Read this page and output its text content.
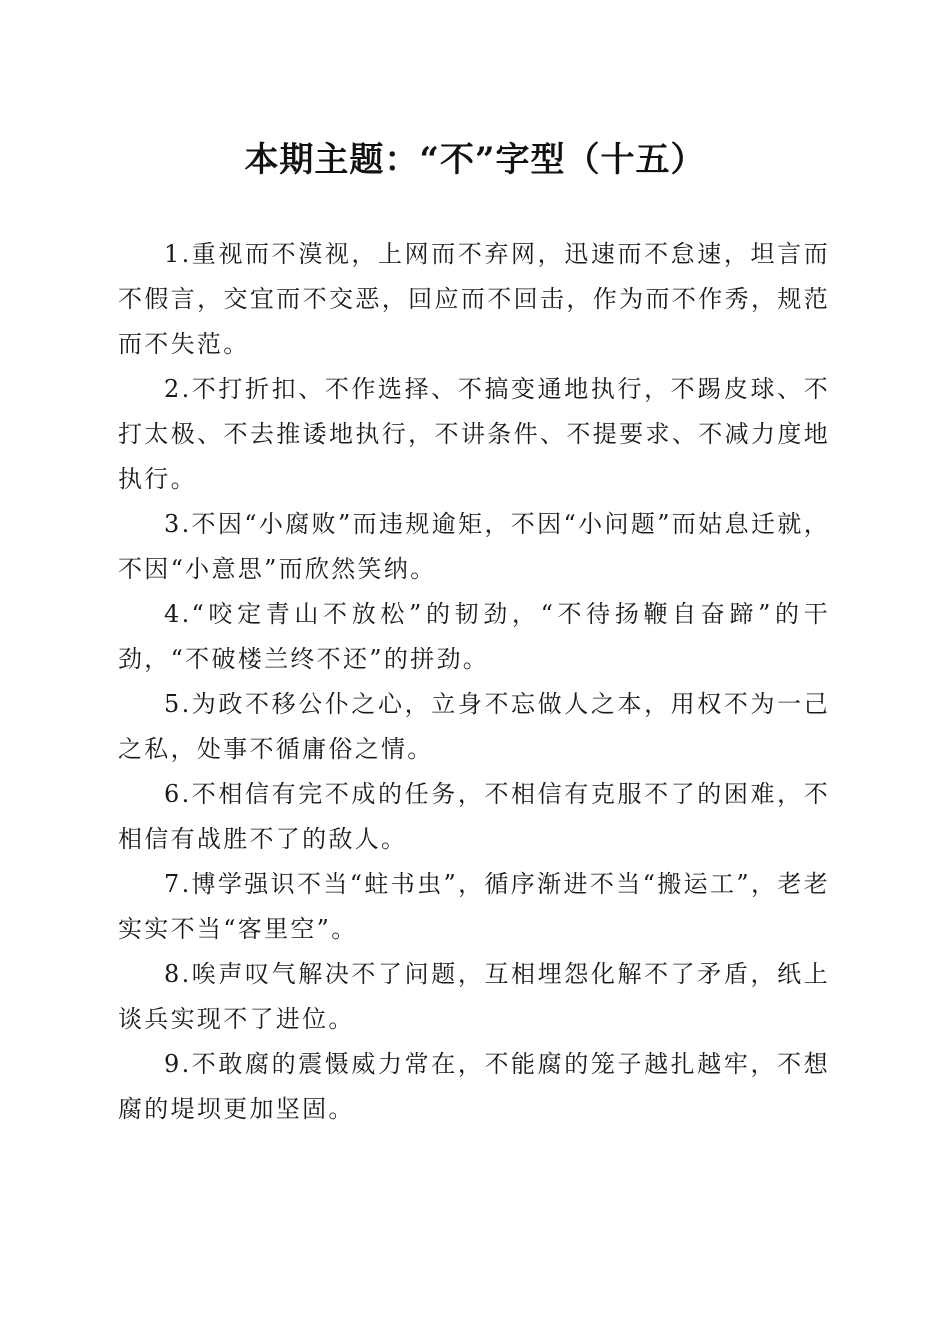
本期主题：“不”字型（十五）

1.重视而不漠视，上网而不弃网，迅速而不怠速，坦言而不假言，交宜而不交恶，回应而不回击，作为而不作秀，规范而不失范。

2.不打折扣、不作选择、不搞变通地执行，不踢皮球、不打太极、不去推诿地执行，不讲条件、不提要求、不减力度地执行。

3.不因“小腐败”而违规逾矩，不因“小问题”而姑息迁就，不因“小意思”而欣然笑纳。

4.“咬定青山不放松”的韧劲，“不待扬鞭自奋蹄”的干劲，“不破楼兰终不还”的拼劲。

5.为政不移公仆之心，立身不忘做人之本，用权不为一己之私，处事不循庸俗之情。

6.不相信有完不成的任务，不相信有克服不了的困难，不相信有战胜不了的敌人。

7.博学强识不当“蛀书虫”，循序渐进不当“搬运工”，老老实实不当“客里空”。

8.唉声叹气解决不了问题，互相埋怨化解不了矛盾，纸上谈兵实现不了进位。

9.不敢腐的震慑威力常在，不能腐的笼子越扎越牢，不想腐的堤坝更加坚固。
